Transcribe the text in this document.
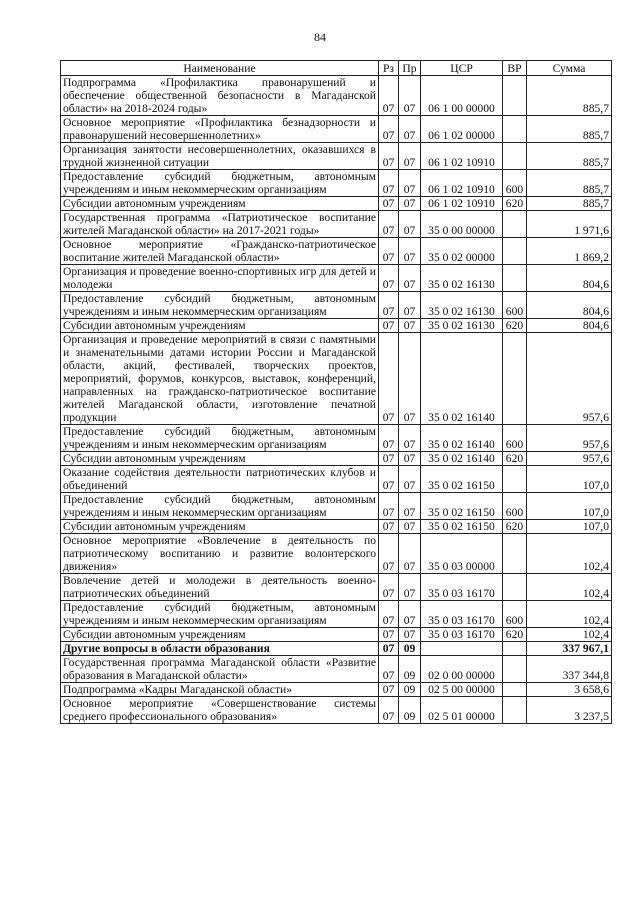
84
Наименование	Рз	Пр	ЦСР	ВР	Сумма
Подпрограмма «Профилактика правонарушений и обеспечение общественной безопасности в Магаданской области» на 2018-2024 годы»	07	07	06 1 00 00000		885,7
Основное мероприятие «Профилактика безнадзорности и правонарушений несовершеннолетних»	07	07	06 1 02 00000		885,7
Организация занятости несовершеннолетних, оказавшихся в трудной жизненной ситуации	07	07	06 1 02 10910		885,7
Предоставление субсидий бюджетным, автономным учреждениям и иным некоммерческим организациям	07	07	06 1 02 10910	600	885,7
Субсидии автономным учреждениям	07	07	06 1 02 10910	620	885,7
Государственная программа «Патриотическое воспитание жителей Магаданской области» на 2017-2021 годы»	07	07	35 0 00 00000		1 971,6
Основное мероприятие «Гражданско-патриотическое воспитание жителей Магаданской области»	07	07	35 0 02 00000		1 869,2
Организация и проведение военно-спортивных игр для детей и молодежи	07	07	35 0 02 16130		804,6
Предоставление субсидий бюджетным, автономным учреждениям и иным некоммерческим организациям	07	07	35 0 02 16130	600	804,6
Субсидии автономным учреждениям	07	07	35 0 02 16130	620	804,6
Организация и проведение мероприятий в связи с памятными и знаменательными датами истории России и Магаданской области, акций, фестивалей, творческих проектов, мероприятий, форумов, конкурсов, выставок, конференций, направленных на гражданско-патриотическое воспитание жителей Магаданской области, изготовление печатной продукции	07	07	35 0 02 16140		957,6
Предоставление субсидий бюджетным, автономным учреждениям и иным некоммерческим организациям	07	07	35 0 02 16140	600	957,6
Субсидии автономным учреждениям	07	07	35 0 02 16140	620	957,6
Оказание содействия деятельности патриотических клубов и объединений	07	07	35 0 02 16150		107,0
Предоставление субсидий бюджетным, автономным учреждениям и иным некоммерческим организациям	07	07	35 0 02 16150	600	107,0
Субсидии автономным учреждениям	07	07	35 0 02 16150	620	107,0
Основное мероприятие «Вовлечение в деятельность по патриотическому воспитанию и развитие волонтерского движения»	07	07	35 0 03 00000		102,4
Вовлечение детей и молодежи в деятельность военно-патриотических объединений	07	07	35 0 03 16170		102,4
Предоставление субсидий бюджетным, автономным учреждениям и иным некоммерческим организациям	07	07	35 0 03 16170	600	102,4
Субсидии автономным учреждениям	07	07	35 0 03 16170	620	102,4
Другие вопросы в области образования	07	09			337 967,1
Государственная программа Магаданской области «Развитие образования в Магаданской области»	07	09	02 0 00 00000		337 344,8
Подпрограмма «Кадры Магаданской области»	07	09	02 5 00 00000		3 658,6
Основное мероприятие «Совершенствование системы среднего профессионального образования»	07	09	02 5 01 00000		3 237,5
